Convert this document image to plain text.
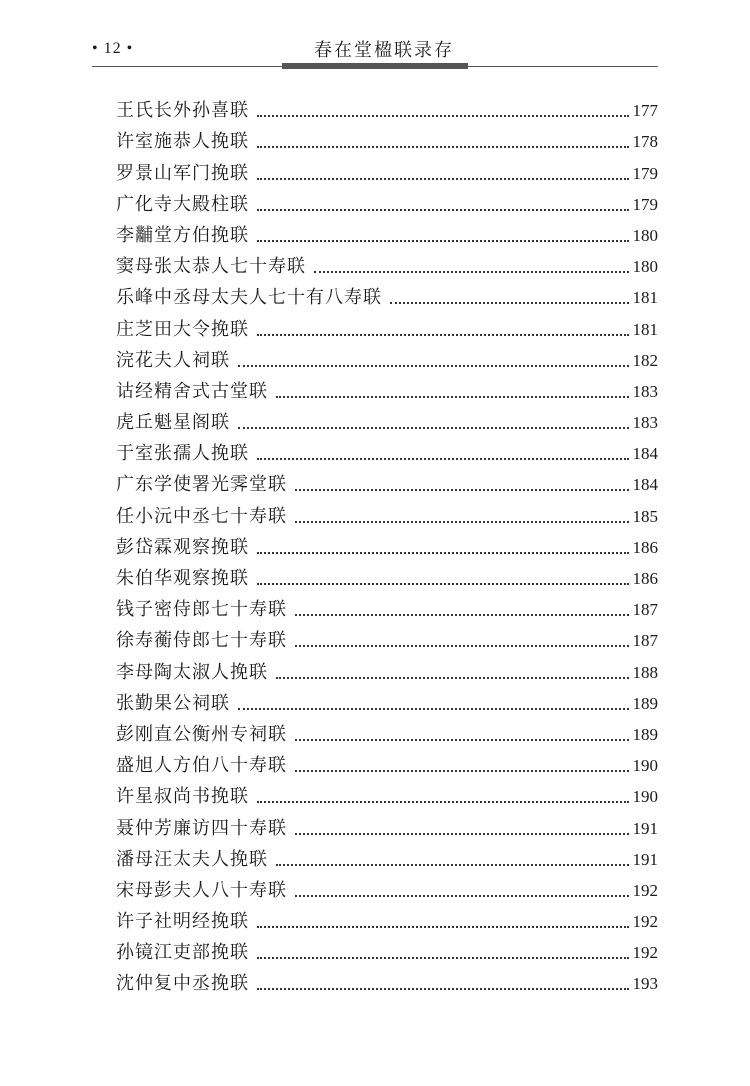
• 12 •	春在堂楹联录存
王氏长外孙喜联	177
许室施恭人挽联	178
罗景山军门挽联	179
广化寺大殿柱联	179
李黼堂方伯挽联	180
窦母张太恭人七十寿联	180
乐峰中丞母太夫人七十有八寿联	181
庄芝田大令挽联	181
浣花夫人祠联	182
诂经精舍式古堂联	183
虎丘魁星阁联	183
于室张孺人挽联	184
广东学使署光霁堂联	184
任小沅中丞七十寿联	185
彭岱霖观察挽联	186
朱伯华观察挽联	186
钱子密侍郎七十寿联	187
徐寿蘅侍郎七十寿联	187
李母陶太淑人挽联	188
张勤果公祠联	189
彭刚直公衡州专祠联	189
盛旭人方伯八十寿联	190
许星叔尚书挽联	190
聂仲芳廉访四十寿联	191
潘母汪太夫人挽联	191
宋母彭夫人八十寿联	192
许子社明经挽联	192
孙镜江吏部挽联	192
沈仲复中丞挽联	193
